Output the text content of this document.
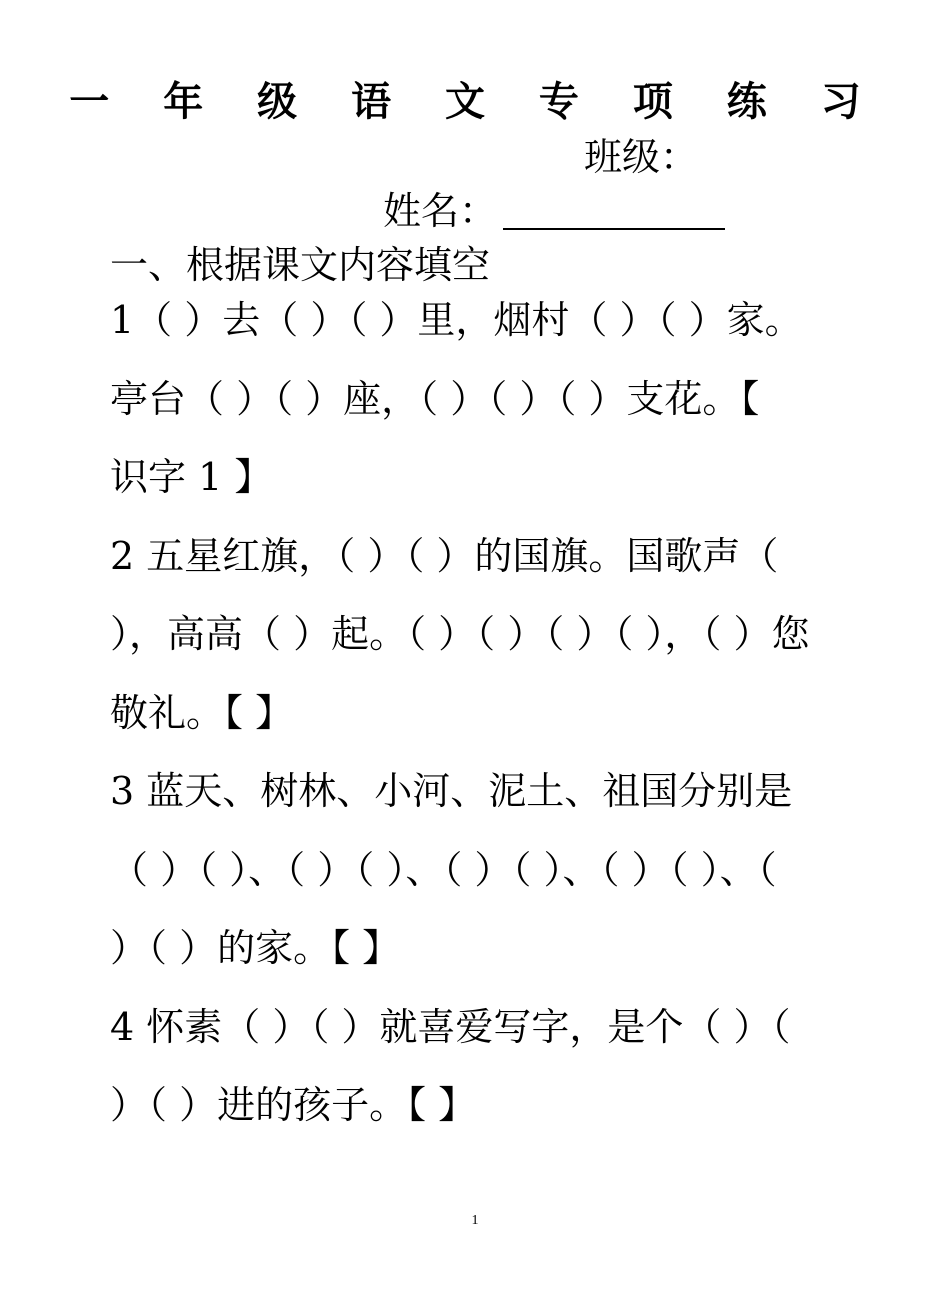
一 年 级 语 文 专 项 练 习
班级：
姓名：
一、根据课文内容填空
1（ ）去（ ）（ ）里，烟村（ ）（ ）家。
亭台（ ）（ ）座，（ ）（ ）（ ）支花。【
识字 1 】
2 五星红旗，（ ）（ ）的国旗。国歌声（
），高高（ ）起。（ ）（ ）（ ）（ ），（ ）您
敬礼。【 】
3 蓝天、树林、小河、泥土、祖国分别是
（ ）（ ）、（ ）（ ）、（ ）（ ）、（ ）（ ）、（
）（ ）的家。【 】
4 怀素（ ）（ ）就喜爱写字，是个（ ）（
）（ ）进的孩子。【 】
1
